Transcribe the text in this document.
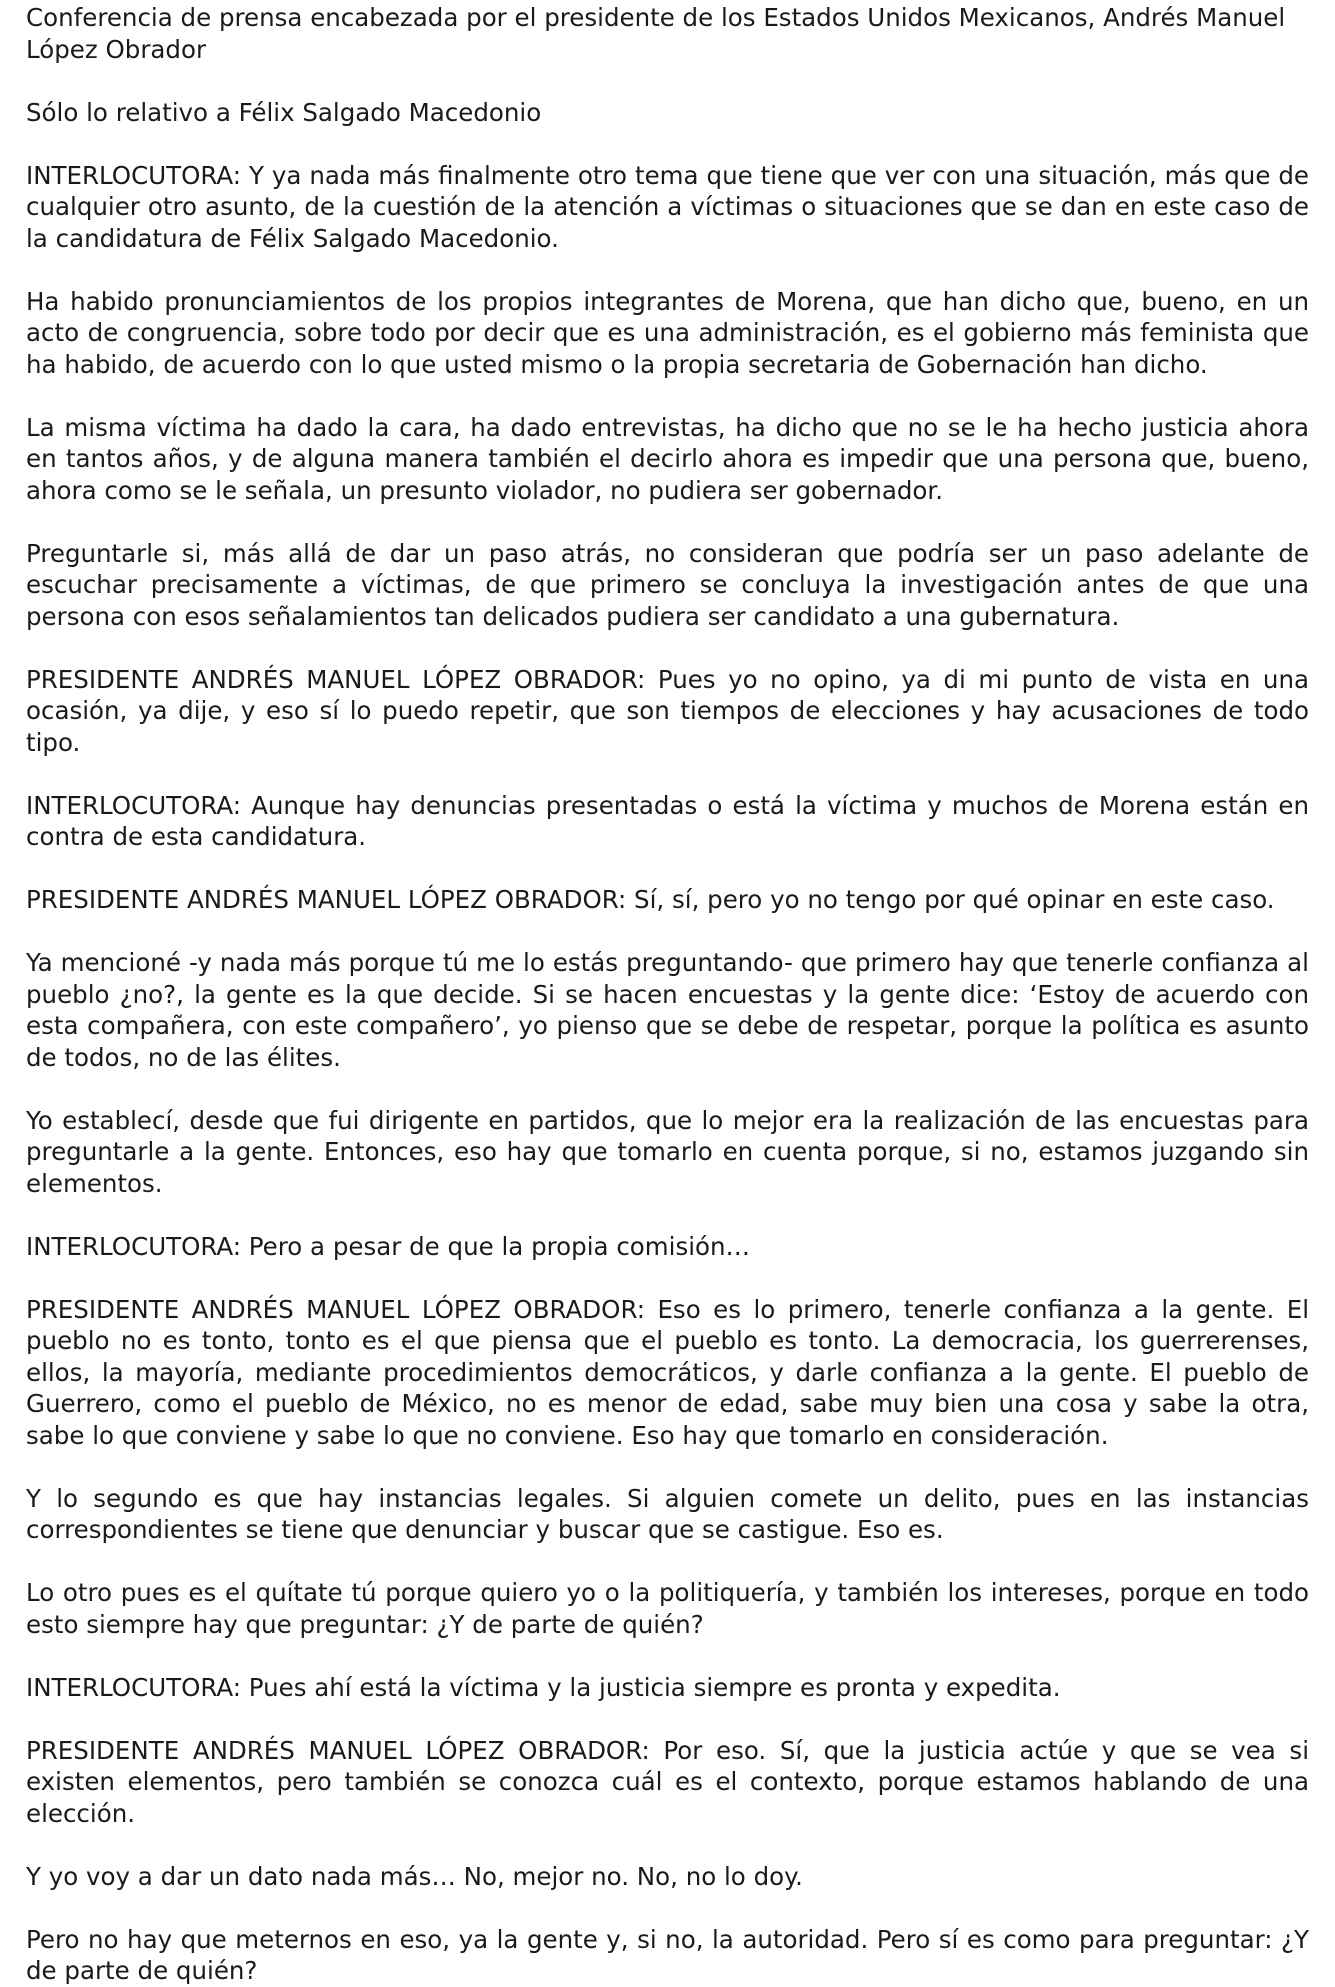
Conferencia de prensa encabezada por el presidente de los Estados Unidos Mexicanos, Andrés Manuel López Obrador

Sólo lo relativo a Félix Salgado Macedonio

INTERLOCUTORA: Y ya nada más finalmente otro tema que tiene que ver con una situación, más que de cualquier otro asunto, de la cuestión de la atención a víctimas o situaciones que se dan en este caso de la candidatura de Félix Salgado Macedonio.

Ha habido pronunciamientos de los propios integrantes de Morena, que han dicho que, bueno, en un acto de congruencia, sobre todo por decir que es una administración, es el gobierno más feminista que ha habido, de acuerdo con lo que usted mismo o la propia secretaria de Gobernación han dicho.

La misma víctima ha dado la cara, ha dado entrevistas, ha dicho que no se le ha hecho justicia ahora en tantos años, y de alguna manera también el decirlo ahora es impedir que una persona que, bueno, ahora como se le señala, un presunto violador, no pudiera ser gobernador.

Preguntarle si, más allá de dar un paso atrás, no consideran que podría ser un paso adelante de escuchar precisamente a víctimas, de que primero se concluya la investigación antes de que una persona con esos señalamientos tan delicados pudiera ser candidato a una gubernatura.

PRESIDENTE ANDRÉS MANUEL LÓPEZ OBRADOR: Pues yo no opino, ya di mi punto de vista en una ocasión, ya dije, y eso sí lo puedo repetir, que son tiempos de elecciones y hay acusaciones de todo tipo.

INTERLOCUTORA: Aunque hay denuncias presentadas o está la víctima y muchos de Morena están en contra de esta candidatura.

PRESIDENTE ANDRÉS MANUEL LÓPEZ OBRADOR: Sí, sí, pero yo no tengo por qué opinar en este caso.

Ya mencioné -y nada más porque tú me lo estás preguntando- que primero hay que tenerle confianza al pueblo ¿no?, la gente es la que decide. Si se hacen encuestas y la gente dice: ‘Estoy de acuerdo con esta compañera, con este compañero’, yo pienso que se debe de respetar, porque la política es asunto de todos, no de las élites.

Yo establecí, desde que fui dirigente en partidos, que lo mejor era la realización de las encuestas para preguntarle a la gente. Entonces, eso hay que tomarlo en cuenta porque, si no, estamos juzgando sin elementos.

INTERLOCUTORA: Pero a pesar de que la propia comisión…

PRESIDENTE ANDRÉS MANUEL LÓPEZ OBRADOR: Eso es lo primero, tenerle confianza a la gente. El pueblo no es tonto, tonto es el que piensa que el pueblo es tonto. La democracia, los guerrerenses, ellos, la mayoría, mediante procedimientos democráticos, y darle confianza a la gente. El pueblo de Guerrero, como el pueblo de México, no es menor de edad, sabe muy bien una cosa y sabe la otra, sabe lo que conviene y sabe lo que no conviene. Eso hay que tomarlo en consideración.

Y lo segundo es que hay instancias legales. Si alguien comete un delito, pues en las instancias correspondientes se tiene que denunciar y buscar que se castigue. Eso es.

Lo otro pues es el quítate tú porque quiero yo o la politiquería, y también los intereses, porque en todo esto siempre hay que preguntar: ¿Y de parte de quién?

INTERLOCUTORA: Pues ahí está la víctima y la justicia siempre es pronta y expedita.

PRESIDENTE ANDRÉS MANUEL LÓPEZ OBRADOR: Por eso. Sí, que la justicia actúe y que se vea si existen elementos, pero también se conozca cuál es el contexto, porque estamos hablando de una elección.

Y yo voy a dar un dato nada más… No, mejor no. No, no lo doy.

Pero no hay que meternos en eso, ya la gente y, si no, la autoridad. Pero sí es como para preguntar: ¿Y de parte de quién?
